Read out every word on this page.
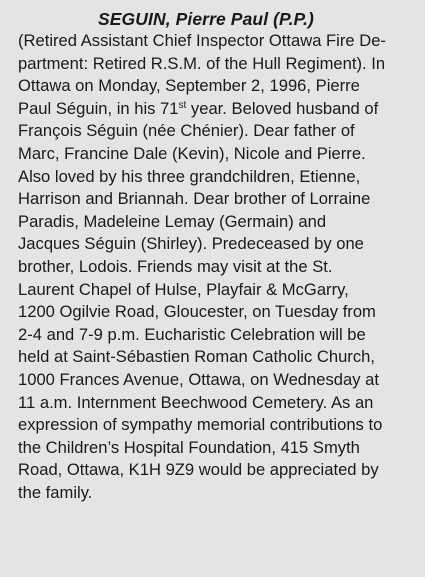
SEGUIN, Pierre Paul (P.P.)

(Retired Assistant Chief Inspector Ottawa Fire De-
partment: Retired R.S.M. of the Hull Regiment). In
Ottawa on Monday, September 2, 1996, Pierre
Paul Séguin, in his 71st year. Beloved husband of
François Séguin (née Chénier). Dear father of
Marc, Francine Dale (Kevin), Nicole and Pierre.
Also loved by his three grandchildren, Etienne,
Harrison and Briannah. Dear brother of Lorraine
Paradis, Madeleine Lemay (Germain) and
Jacques Séguin (Shirley). Predeceased by one
brother, Lodois. Friends may visit at the St.
Laurent Chapel of Hulse, Playfair & McGarry,
1200 Ogilvie Road, Gloucester, on Tuesday from
2-4 and 7-9 p.m. Eucharistic Celebration will be
held at Saint-Sébastien Roman Catholic Church,
1000 Frances Avenue, Ottawa, on Wednesday at
11 a.m. Internment Beechwood Cemetery. As an
expression of sympathy memorial contributions to
the Children’s Hospital Foundation, 415 Smyth
Road, Ottawa, K1H 9Z9 would be appreciated by
the family.
